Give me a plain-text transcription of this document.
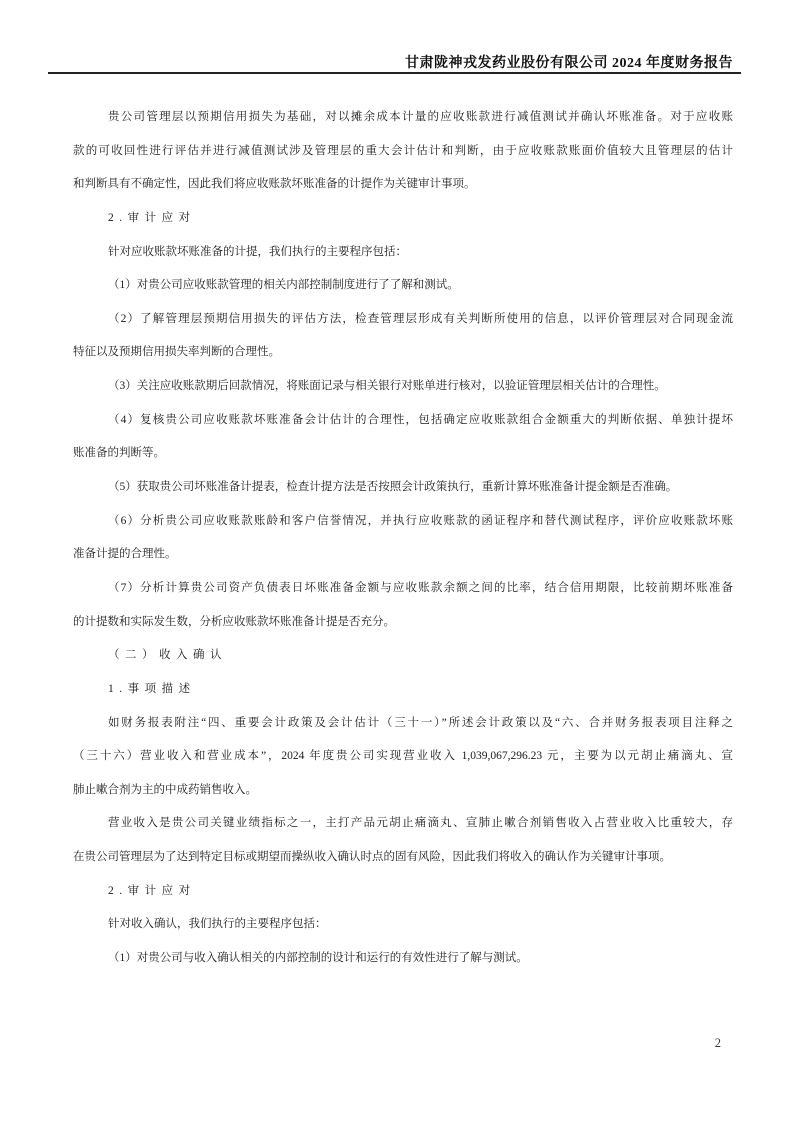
甘肃陇神戎发药业股份有限公司 2024 年度财务报告
贵公司管理层以预期信用损失为基础，对以摊余成本计量的应收账款进行减值测试并确认坏账准备。对于应收账
款的可收回性进行评估并进行减值测试涉及管理层的重大会计估计和判断，由于应收账款账面价值较大且管理层的估计
和判断具有不确定性，因此我们将应收账款坏账准备的计提作为关键审计事项。
2.审计应对
针对应收账款坏账准备的计提，我们执行的主要程序包括：
（1）对贵公司应收账款管理的相关内部控制制度进行了了解和测试。
（2）了解管理层预期信用损失的评估方法，检查管理层形成有关判断所使用的信息，以评价管理层对合同现金流
特征以及预期信用损失率判断的合理性。
（3）关注应收账款期后回款情况，将账面记录与相关银行对账单进行核对，以验证管理层相关估计的合理性。
（4）复核贵公司应收账款坏账准备会计估计的合理性，包括确定应收账款组合金额重大的判断依据、单独计提坏
账准备的判断等。
（5）获取贵公司坏账准备计提表，检查计提方法是否按照会计政策执行，重新计算坏账准备计提金额是否准确。
（6）分析贵公司应收账款账龄和客户信誉情况，并执行应收账款的函证程序和替代测试程序，评价应收账款坏账
准备计提的合理性。
（7）分析计算贵公司资产负债表日坏账准备金额与应收账款余额之间的比率，结合信用期限，比较前期坏账准备
的计提数和实际发生数，分析应收账款坏账准备计提是否充分。
（二）收入确认
1.事项描述
如财务报表附注“四、重要会计政策及会计估计（三十一）”所述会计政策以及“六、合并财务报表项目注释之
（三十六）营业收入和营业成本”，2024 年度贵公司实现营业收入 1,039,067,296.23 元，主要为以元胡止痛滴丸、宣
肺止嗽合剂为主的中成药销售收入。
营业收入是贵公司关键业绩指标之一，主打产品元胡止痛滴丸、宣肺止嗽合剂销售收入占营业收入比重较大，存
在贵公司管理层为了达到特定目标或期望而操纵收入确认时点的固有风险，因此我们将收入的确认作为关键审计事项。
2.审计应对
针对收入确认，我们执行的主要程序包括：
（1）对贵公司与收入确认相关的内部控制的设计和运行的有效性进行了解与测试。
2
